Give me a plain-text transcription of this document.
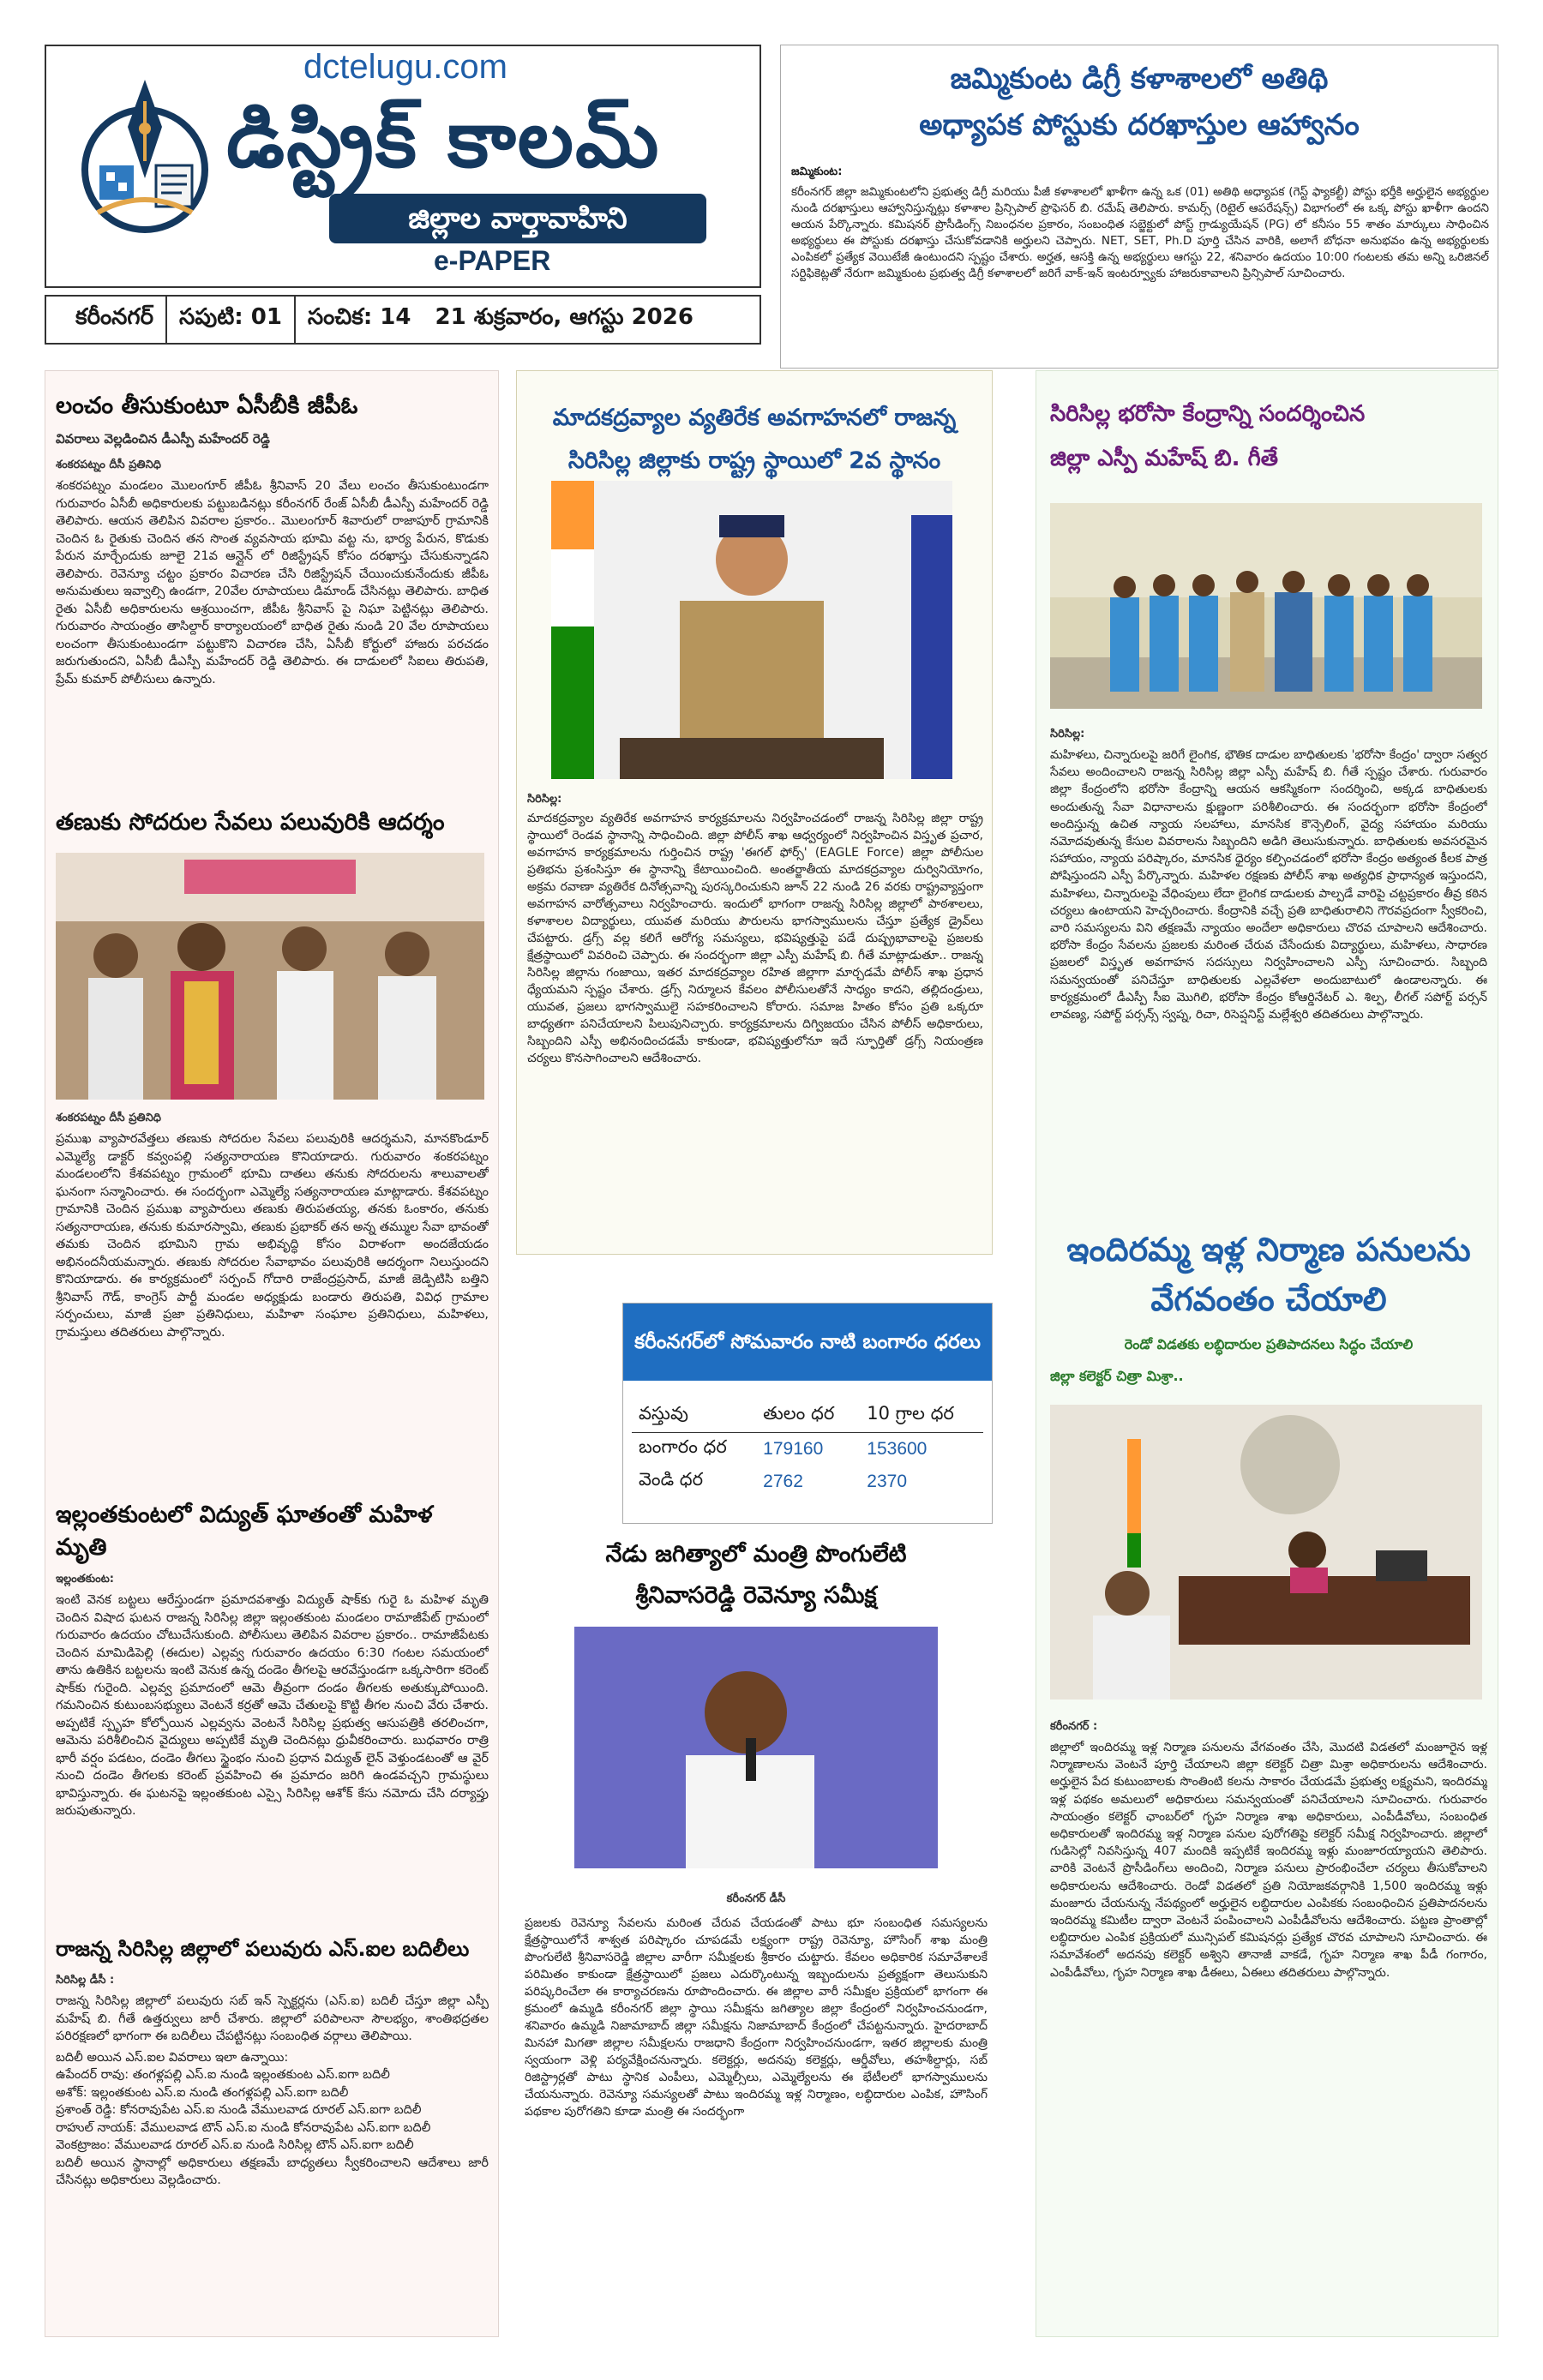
dctelugu.com
డిస్ట్రిక్ కాలమ్
జిల్లాల వార్తావాహిని
e-PAPER
కరీంనగర్	సపుటి: 01	సంచిక: 14	21 శుక్రవారం, ఆగస్టు 2026
జమ్మికుంట డిగ్రీ కళాశాలలో అతిథి
అధ్యాపక పోస్టుకు దరఖాస్తుల ఆహ్వానం
జమ్మికుంట:
కరీంనగర్ జిల్లా జమ్మికుంటలోని ప్రభుత్వ డిగ్రీ మరియు పీజీ కళాశాలలో ఖాళీగా ఉన్న ఒక (01) అతిథి అధ్యాపక (గెస్ట్ ఫ్యాకల్టీ) పోస్టు భర్తీకి అర్హులైన అభ్యర్థుల నుండి దరఖాస్తులు ఆహ్వానిస్తున్నట్లు కళాశాల ప్రిన్సిపాల్ ప్రొఫెసర్ బి. రమేష్ తెలిపారు. కామర్స్ (రిటైల్ ఆపరేషన్స్) విభాగంలో ఈ ఒక్క పోస్టు ఖాళీగా ఉందని ఆయన పేర్కొన్నారు. కమిషనర్ ప్రొసీడింగ్స్ నిబంధనల ప్రకారం, సంబంధిత సబ్జెక్టులో పోస్ట్ గ్రాడ్యుయేషన్ (PG) లో కనీసం 55 శాతం మార్కులు సాధించిన అభ్యర్థులు ఈ పోస్టుకు దరఖాస్తు చేసుకోవడానికి అర్హులని చెప్పారు. NET, SET, Ph.D పూర్తి చేసిన వారికి, అలాగే బోధనా అనుభవం ఉన్న అభ్యర్థులకు ఎంపికలో ప్రత్యేక వెయిటేజీ ఉంటుందని స్పష్టం చేశారు. అర్హత, ఆసక్తి ఉన్న అభ్యర్థులు ఆగస్టు 22, శనివారం ఉదయం 10:00 గంటలకు తమ అన్ని ఒరిజినల్ సర్టిఫికెట్లతో నేరుగా జమ్మికుంట ప్రభుత్వ డిగ్రీ కళాశాలలో జరిగే వాక్-ఇన్ ఇంటర్వ్యూకు హాజరుకావాలని ప్రిన్సిపాల్ సూచించారు.
లంచం తీసుకుంటూ ఏసీబీకి జీపీఓ
వివరాలు వెల్లడించిన డీఎస్పీ మహేందర్ రెడ్డి
శంకరపట్నం దీసీ ప్రతినిధి
శంకరపట్నం మండలం మొలంగూర్ జీపీఓ శ్రీనివాస్ 20 వేలు లంచం తీసుకుంటుండగా గురువారం ఏసీబీ అధికారులకు పట్టుబడినట్లు కరీంనగర్ రేంజ్ ఏసీబీ డీఎస్పీ మహేందర్ రెడ్డి తెలిపారు. ఆయన తెలిపిన వివరాల ప్రకారం.. మొలంగూర్ శివారులో రాజాపూర్ గ్రామానికి చెందిన ఓ రైతుకు చెందిన తన సొంత వ్యవసాయ భూమి వట్ట ను, భార్య పేరున, కొడుకు పేరున మార్చేందుకు జూలై 21వ ఆన్లైన్ లో రిజిస్ట్రేషన్ కోసం దరఖాస్తు చేసుకున్నాడని తెలిపారు. రెవెన్యూ చట్టం ప్రకారం విచారణ చేసి రిజిస్ట్రేషన్ చేయించుకునేందుకు జీపీఓ అనుమతులు ఇవ్వాల్సి ఉండగా, 20వేల రూపాయలు డిమాండ్ చేసినట్లు తెలిపారు. బాధిత రైతు ఏసీబీ అధికారులను ఆశ్రయించగా, జీపీఓ శ్రీనివాస్ పై నిఘా పెట్టినట్లు తెలిపారు. గురువారం సాయంత్రం తాసిల్దార్ కార్యాలయంలో బాధిత రైతు నుండి 20 వేల రూపాయలు లంచంగా తీసుకుంటుండగా పట్టుకొని విచారణ చేసి, ఏసీబీ కోర్టులో హాజరు పరచడం జరుగుతుందని, ఏసీబీ డీఎస్పీ మహేందర్ రెడ్డి తెలిపారు. ఈ దాడులలో సిఐలు తిరుపతి, ప్రేమ్ కుమార్ పోలీసులు ఉన్నారు.
తణుకు సోదరుల సేవలు పలువురికి ఆదర్శం
శంకరపట్నం దీసీ ప్రతినిధి
ప్రముఖ వ్యాపారవేత్తలు తణుకు సోదరుల సేవలు పలువురికి ఆదర్శమని, మానకొండూర్ ఎమ్మెల్యే డాక్టర్ కవ్వంపల్లి సత్యనారాయణ కొనియాడారు. గురువారం శంకరపట్నం మండలంలోని కేశవపట్నం గ్రామంలో భూమి దాతలు తనుకు సోదరులను శాలువాలతో ఘనంగా సన్మానించారు. ఈ సందర్భంగా ఎమ్మెల్యే సత్యనారాయణ మాట్లాడారు. కేశవపట్నం గ్రామానికి చెందిన ప్రముఖ వ్యాపారులు తణుకు తిరుపతయ్య, తనకు ఓంకారం, తనుకు సత్యనారాయణ, తనుకు కుమారస్వామి, తణుకు ప్రభాకర్ తన అన్న తమ్ముల సేవా భావంతో తమకు చెందిన భూమిని గ్రామ అభివృద్ధి కోసం విరాళంగా అందజేయడం అభినందనీయమన్నారు. తణుకు సోదరుల సేవాభావం పలువురికి ఆదర్శంగా నిలుస్తుందని కొనియాడారు. ఈ కార్యక్రమంలో సర్పంచ్ గోదారి రాజేంద్రప్రసాద్, మాజీ జెడ్పిటిసి బత్తిని శ్రీనివాస్ గౌడ్, కాంగ్రెస్ పార్టీ మండల అధ్యక్షుడు బండారు తిరుపతి, వివిధ గ్రామాల సర్పంచులు, మాజీ ప్రజా ప్రతినిధులు, మహిళా సంఘాల ప్రతినిధులు, మహిళలు, గ్రామస్తులు తదితరులు పాల్గొన్నారు.
ఇల్లంతకుంటలో విద్యుత్ ఘాతంతో మహిళ మృతి
ఇల్లంతకుంట:
ఇంటి వెనక బట్టలు ఆరేస్తుండగా ప్రమాదవశాత్తు విద్యుత్ షాక్‌కు గురై ఓ మహిళ మృతి చెందిన విషాద ఘటన రాజన్న సిరిసిల్ల జిల్లా ఇల్లంతకుంట మండలం రామాజీపేట్ గ్రామంలో గురువారం ఉదయం చోటుచేసుకుంది. పోలీసులు తెలిపిన వివరాల ప్రకారం.. రామాజీపేటకు చెందిన మామిడిపెల్లి (ఈదుల) ఎల్లవ్వ గురువారం ఉదయం 6:30 గంటల సమయంలో తాను ఉతికిన బట్టలను ఇంటి వెనుక ఉన్న దండెం తీగలపై ఆరవేస్తుండగా ఒక్కసారిగా కరెంట్ షాక్‌కు గురైంది. ఎల్లవ్వ ప్రమాదంలో ఆమె తీవ్రంగా దండం తీగలకు అతుక్కుపోయింది. గమనించిన కుటుంబసభ్యులు వెంటనే కర్రతో ఆమె చేతులపై కొట్టి తీగల నుంచి వేరు చేశారు. అప్పటికే స్పృహ కోల్పోయిన ఎల్లవ్వను వెంటనే సిరిసిల్ల ప్రభుత్వ ఆసుపత్రికి తరలించగా, ఆమెను పరిశీలించిన వైద్యులు అప్పటికే మృతి చెందినట్లు ధ్రువీకరించారు. బుధవారం రాత్రి భారీ వర్షం పడటం, దండెం తీగలు స్థైంభం నుంచి ప్రధాన విద్యుత్ లైన్ వెళ్తుండటంతో ఆ వైర్ నుంచి దండెం తీగలకు కరెంట్ ప్రవహించి ఈ ప్రమాదం జరిగి ఉండవచ్చని గ్రామస్థులు భావిస్తున్నారు. ఈ ఘటనపై ఇల్లంతకుంట ఎస్సై సిరిసిల్ల ఆశోక్ కేసు నమోదు చేసి దర్యాప్తు జరుపుతున్నారు.
రాజన్న సిరిసిల్ల జిల్లాలో పలువురు ఎస్.ఐల బదిలీలు
సిరిసిల్ల డీసీ :
రాజన్న సిరిసిల్ల జిల్లాలో పలువురు సబ్ ఇన్ స్పెక్టర్లను (ఎస్.ఐ) బదిలీ చేస్తూ జిల్లా ఎస్పీ మహేష్ బి. గీతే ఉత్తర్వులు జారీ చేశారు. జిల్లాలో పరిపాలనా సౌలభ్యం, శాంతిభద్రతల పరిరక్షణలో భాగంగా ఈ బదిలీలు చేపట్టినట్లు సంబంధిత వర్గాలు తెలిపాయి.
బదిలీ అయిన ఎస్.ఐల వివరాలు ఇలా ఉన్నాయి:
ఉపేందర్ రావు: తంగళ్లపల్లి ఎస్.ఐ నుండి ఇల్లంతకుంట ఎస్.ఐగా బదిలీ
అశోక్: ఇల్లంతకుంట ఎస్.ఐ నుండి తంగళ్లపల్లి ఎస్.ఐగా బదిలీ
ప్రశాంత్ రెడ్డి: కోనరావుపేట ఎస్.ఐ నుండి వేములవాడ రూరల్ ఎస్.ఐగా బదిలీ
రాహుల్ నాయక్: వేములవాడ టౌన్ ఎస్.ఐ నుండి కోనరావుపేట ఎస్.ఐగా బదిలీ
వెంకట్రాజం: వేములవాడ రూరల్ ఎస్.ఐ నుండి సిరిసిల్ల టౌన్ ఎస్.ఐగా బదిలీ
బదిలీ అయిన స్థానాల్లో అధికారులు తక్షణమే బాధ్యతలు స్వీకరించాలని ఆదేశాలు జారీ చేసినట్లు అధికారులు వెల్లడించారు.
మాదకద్రవ్యాల వ్యతిరేక అవగాహనలో రాజన్న
సిరిసిల్ల జిల్లాకు రాష్ట్ర స్థాయిలో 2వ స్థానం
సిరిసిల్ల:
మాదకద్రవ్యాల వ్యతిరేక అవగాహన కార్యక్రమాలను నిర్వహించడంలో రాజన్న సిరిసిల్ల జిల్లా రాష్ట్ర స్థాయిలో రెండవ స్థానాన్ని సాధించింది. జిల్లా పోలీస్ శాఖ ఆధ్వర్యంలో నిర్వహించిన విస్తృత ప్రచార, అవగాహన కార్యక్రమాలను గుర్తించిన రాష్ట్ర 'ఈగల్ ఫోర్స్' (EAGLE Force) జిల్లా పోలీసుల ప్రతిభను ప్రశంసిస్తూ ఈ స్థానాన్ని కేటాయించింది. అంతర్జాతీయ మాదకద్రవ్యాల దుర్వినియోగం, అక్రమ రవాణా వ్యతిరేక దినోత్సవాన్ని పురస్కరించుకుని జూన్ 22 నుండి 26 వరకు రాష్ట్రవ్యాప్తంగా అవగాహన వారోత్సవాలు నిర్వహించారు. ఇందులో భాగంగా రాజన్న సిరిసిల్ల జిల్లాలో పాఠశాలలు, కళాశాలల విద్యార్థులు, యువత మరియు పౌరులను భాగస్వాములను చేస్తూ ప్రత్యేక డ్రైవ్‌లు చేపట్టారు. డ్రగ్స్ వల్ల కలిగే ఆరోగ్య సమస్యలు, భవిష్యత్తుపై పడే దుష్ప్రభావాలపై ప్రజలకు క్షేత్రస్థాయిలో వివరించి చెప్పారు. ఈ సందర్భంగా జిల్లా ఎస్పీ మహేష్ బి. గీతే మాట్లాడుతూ.. రాజన్న సిరిసిల్ల జిల్లాను గంజాయి, ఇతర మాదకద్రవ్యాల రహిత జిల్లాగా మార్చడమే పోలీస్ శాఖ ప్రధాన ధ్యేయమని స్పష్టం చేశారు. డ్రగ్స్ నిర్మూలన కేవలం పోలీసులతోనే సాధ్యం కాదని, తల్లిదండ్రులు, యువత, ప్రజలు భాగస్వాములై సహకరించాలని కోరారు. సమాజ హితం కోసం ప్రతి ఒక్కరూ బాధ్యతగా పనిచేయాలని పిలుపునిచ్చారు. కార్యక్రమాలను దిగ్విజయం చేసిన పోలీస్ అధికారులు, సిబ్బందిని ఎస్పీ అభినందించడమే కాకుండా, భవిష్యత్తులోనూ ఇదే స్ఫూర్తితో డ్రగ్స్ నియంత్రణ చర్యలు కొనసాగించాలని ఆదేశించారు.
కరీంనగర్‌లో సోమవారం నాటి బంగారం ధరలు
వస్తువు	తులం ధర	10 గ్రాల ధర
బంగారం ధర	179160	153600
వెండి ధర	2762	2370
నేడు జగిత్యాలో మంత్రి పొంగులేటి
శ్రీనివాసరెడ్డి రెవెన్యూ సమీక్ష
కరీంనగర్ డీసీ
ప్రజలకు రెవెన్యూ సేవలను మరింత చేరువ చేయడంతో పాటు భూ సంబంధిత సమస్యలను క్షేత్రస్థాయిలోనే శాశ్వత పరిష్కారం చూపడమే లక్ష్యంగా రాష్ట్ర రెవెన్యూ, హౌసింగ్ శాఖ మంత్రి పొంగులేటి శ్రీనివాసరెడ్డి జిల్లాల వారీగా సమీక్షలకు శ్రీకారం చుట్టారు. కేవలం అధికారిక సమావేశాలకే పరిమితం కాకుండా క్షేత్రస్థాయిలో ప్రజలు ఎదుర్కొంటున్న ఇబ్బందులను ప్రత్యక్షంగా తెలుసుకుని పరిష్కరించేలా ఈ కార్యాచరణను రూపొందించారు. ఈ జిల్లాల వారీ సమీక్షల ప్రక్రియలో భాగంగా ఈ క్రమంలో ఉమ్మడి కరీంనగర్ జిల్లా స్థాయి సమీక్షను జగిత్యాల జిల్లా కేంద్రంలో నిర్వహించనుండగా, శనివారం ఉమ్మడి నిజామాబాద్ జిల్లా సమీక్షను నిజామాబాద్ కేంద్రంలో చేపట్టనున్నారు. హైదరాబాద్ మినహా మిగతా జిల్లాల సమీక్షలను రాజధాని కేంద్రంగా నిర్వహించనుండగా, ఇతర జిల్లాలకు మంత్రి స్వయంగా వెళ్లి పర్యవేక్షించనున్నారు. కలెక్టర్లు, అదనపు కలెక్టర్లు, ఆర్డీవోలు, తహశీల్దార్లు, సబ్ రిజిస్ట్రార్లతో పాటు స్థానిక ఎంపీలు, ఎమ్మెల్సీలు, ఎమ్మెల్యేలను ఈ భేటీలలో భాగస్వాములను చేయనున్నారు. రెవెన్యూ సమస్యలతో పాటు ఇందిరమ్మ ఇళ్ల నిర్మాణం, లబ్ధిదారుల ఎంపిక, హౌసింగ్ పథకాల పురోగతిని కూడా మంత్రి ఈ సందర్భంగా
సిరిసిల్ల భరోసా కేంద్రాన్ని సందర్శించిన
జిల్లా ఎస్పీ మహేష్ బి. గీతే
సిరిసిల్ల:
మహిళలు, చిన్నారులపై జరిగే లైంగిక, భౌతిక దాడుల బాధితులకు 'భరోసా కేంద్రం' ద్వారా సత్వర సేవలు అందించాలని రాజన్న సిరిసిల్ల జిల్లా ఎస్పీ మహేష్ బి. గీతే స్పష్టం చేశారు. గురువారం జిల్లా కేంద్రంలోని భరోసా కేంద్రాన్ని ఆయన ఆకస్మికంగా సందర్శించి, అక్కడ బాధితులకు అందుతున్న సేవా విధానాలను క్షుణ్ణంగా పరిశీలించారు. ఈ సందర్భంగా భరోసా కేంద్రంలో అందిస్తున్న ఉచిత న్యాయ సలహాలు, మానసిక కౌన్సెలింగ్, వైద్య సహాయం మరియు నమోదవుతున్న కేసుల వివరాలను సిబ్బందిని అడిగి తెలుసుకున్నారు. బాధితులకు అవసరమైన సహాయం, న్యాయ పరిష్కారం, మానసిక ధైర్యం కల్పించడంలో భరోసా కేంద్రం అత్యంత కీలక పాత్ర పోషిస్తుందని ఎస్పీ పేర్కొన్నారు. మహిళల రక్షణకు పోలీస్ శాఖ అత్యధిక ప్రాధాన్యత ఇస్తుందని, మహిళలు, చిన్నారులపై వేధింపులు లేదా లైంగిక దాడులకు పాల్పడే వారిపై చట్టప్రకారం తీవ్ర కఠిన చర్యలు ఉంటాయని హెచ్చరించారు. కేంద్రానికి వచ్చే ప్రతి బాధితురాలిని గౌరవప్రదంగా స్వీకరించి, వారి సమస్యలను విని తక్షణమే న్యాయం అందేలా అధికారులు చొరవ చూపాలని ఆదేశించారు. భరోసా కేంద్రం సేవలను ప్రజలకు మరింత చేరువ చేసేందుకు విద్యార్థులు, మహిళలు, సాధారణ ప్రజలలో విస్తృత అవగాహన సదస్సులు నిర్వహించాలని ఎస్పీ సూచించారు. సిబ్బంది సమన్వయంతో పనిచేస్తూ బాధితులకు ఎల్లవేళలా అందుబాటులో ఉండాలన్నారు. ఈ కార్యక్రమంలో డీఎస్పీ సీఐ మొగిలి, భరోసా కేంద్రం కోఆర్డినేటర్ ఎ. శిల్ప, లీగల్ సపోర్ట్ పర్సన్ లావణ్య, సపోర్ట్ పర్సన్స్ స్వప్న, రిచా, రిసెప్షనిస్ట్ మల్లేశ్వరి తదితరులు పాల్గొన్నారు.
ఇందిరమ్మ ఇళ్ల నిర్మాణ పనులను
వేగవంతం చేయాలి
రెండో విడతకు లబ్ధిదారుల ప్రతిపాదనలు సిద్ధం చేయాలి
జిల్లా కలెక్టర్ చిత్రా మిశ్రా..
కరీంనగర్ :
జిల్లాలో ఇందిరమ్మ ఇళ్ల నిర్మాణ పనులను వేగవంతం చేసి, మొదటి విడతలో మంజూరైన ఇళ్ల నిర్మాణాలను వెంటనే పూర్తి చేయాలని జిల్లా కలెక్టర్ చిత్రా మిశ్రా అధికారులను ఆదేశించారు. అర్హులైన పేద కుటుంబాలకు సొంతింటి కలను సాకారం చేయడమే ప్రభుత్వ లక్ష్యమని, ఇందిరమ్మ ఇళ్ల పథకం అమలులో అధికారులు సమన్వయంతో పనిచేయాలని సూచించారు. గురువారం సాయంత్రం కలెక్టర్ ఛాంబర్‌లో గృహ నిర్మాణ శాఖ అధికారులు, ఎంపీడీవోలు, సంబంధిత అధికారులతో ఇందిరమ్మ ఇళ్ల నిర్మాణ పనుల పురోగతిపై కలెక్టర్ సమీక్ష నిర్వహించారు. జిల్లాలో గుడిసెల్లో నివసిస్తున్న 407 మందికి ఇప్పటికే ఇందిరమ్మ ఇళ్లు మంజూరయ్యాయని తెలిపారు. వారికి వెంటనే ప్రొసీడింగ్‌లు అందించి, నిర్మాణ పనులు ప్రారంభించేలా చర్యలు తీసుకోవాలని అధికారులను ఆదేశించారు. రెండో విడతలో ప్రతి నియోజకవర్గానికి 1,500 ఇందిరమ్మ ఇళ్లు మంజూరు చేయనున్న నేపథ్యంలో అర్హులైన లబ్ధిదారుల ఎంపికకు సంబంధించిన ప్రతిపాదనలను ఇందిరమ్మ కమిటీల ద్వారా వెంటనే పంపించాలని ఎంపీడీవోలను ఆదేశించారు. పట్టణ ప్రాంతాల్లో లబ్ధిదారుల ఎంపిక ప్రక్రియలో మున్సిపల్ కమిషనర్లు ప్రత్యేక చొరవ చూపాలని సూచించారు. ఈ సమావేశంలో అదనపు కలెక్టర్ అశ్విని తానాజీ వాకడే, గృహ నిర్మాణ శాఖ పీడీ గంగారం, ఎంపీడీవోలు, గృహ నిర్మాణ శాఖ డీఈలు, ఏఈలు తదితరులు పాల్గొన్నారు.
